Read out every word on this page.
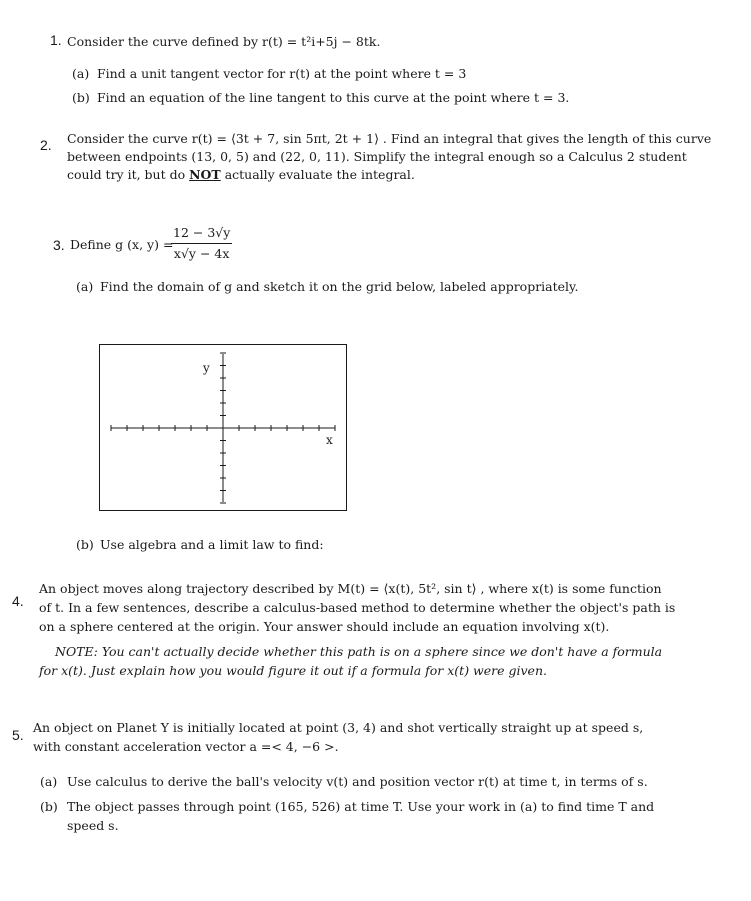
1. Consider the curve defined by r(t) = t²i+5j − 8tk.
(a) Find a unit tangent vector for r(t) at the point where t = 3
(b) Find an equation of the line tangent to this curve at the point where t = 3.
2. Consider the curve r(t) = ⟨3t + 7, sin 5πt, 2t + 1⟩ . Find an integral that gives the length of this curve
between endpoints (13, 0, 5) and (22, 0, 11). Simplify the integral enough so a Calculus 2 student
could try it, but do NOT actually evaluate the integral.
3. Define g (x, y) =
$\frac{12 - 3√y}{x√y - 4x}$
(a) Find the domain of g and sketch it on the grid below, labeled appropriately.
y
x
(b) Use algebra and a limit law to find:
4.
An object moves along trajectory described by M(t) = ⟨x(t), 5t², sin t⟩ , where x(t) is some function
of t. In a few sentences, describe a calculus-based method to determine whether the object's path is
on a sphere centered at the origin. Your answer should include an equation involving x(t).
NOTE: You can't actually decide whether this path is on a sphere since we don't have a formula
for x(t). Just explain how you would figure it out if a formula for x(t) were given.
5. An object on Planet Y is initially located at point (3, 4) and shot vertically straight up at speed s,
with constant acceleration vector a =< 4, −6 >.
(a) Use calculus to derive the ball's velocity v(t) and position vector r(t) at time t, in terms of s.
(b) The object passes through point (165, 526) at time T. Use your work in (a) to find time T and
speed s.
